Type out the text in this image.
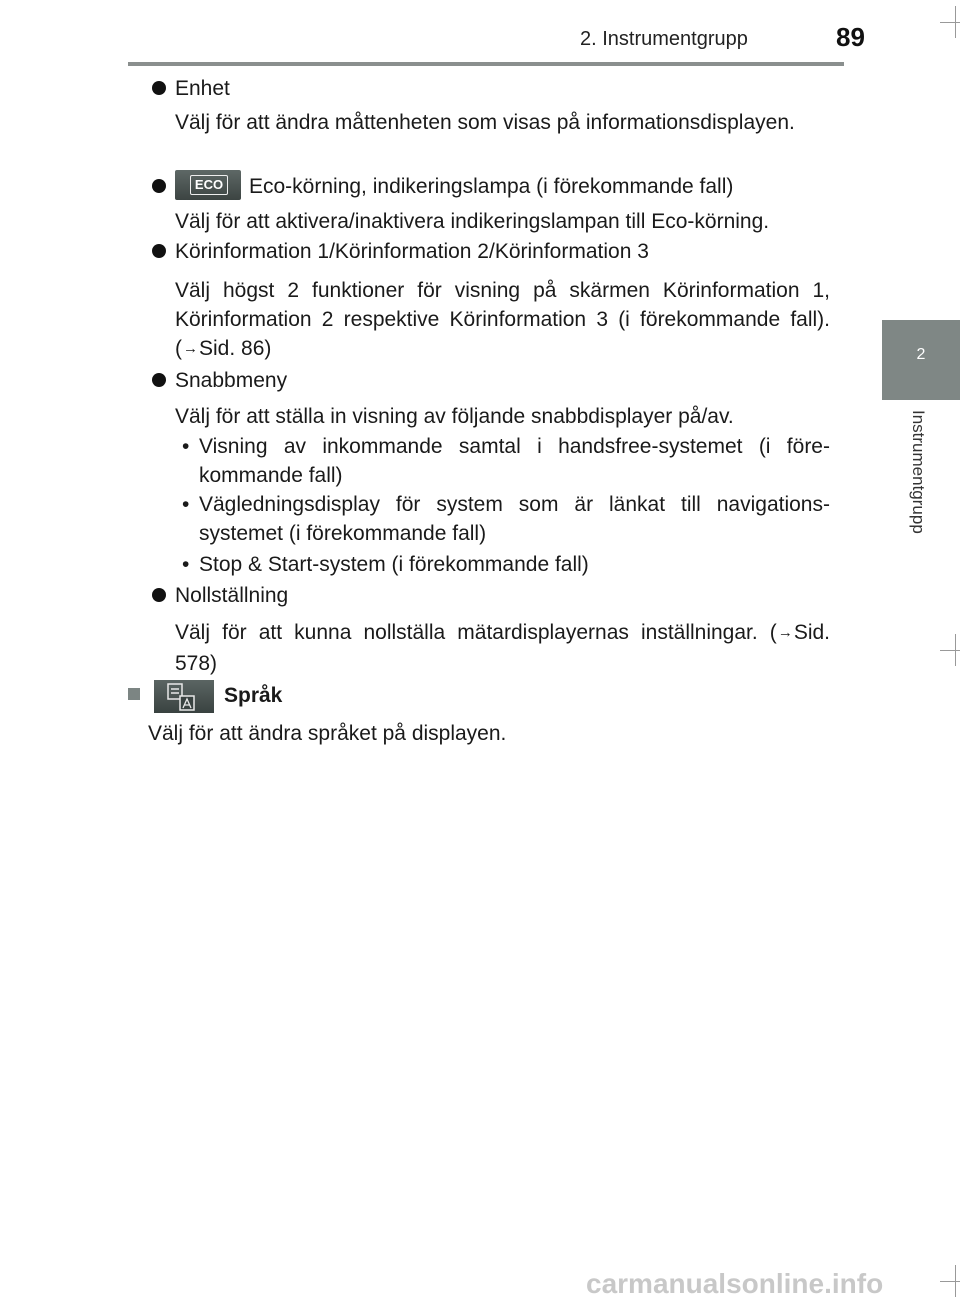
2. Instrumentgrupp	89
2
Instrumentgrupp
Enhet
Välj för att ändra måttenheten som visas på informationsdisplayen.
ECO Eco-körning, indikeringslampa (i förekommande fall)
Välj för att aktivera/inaktivera indikeringslampan till Eco-körning.
Körinformation 1/Körinformation 2/Körinformation 3
Välj högst 2 funktioner för visning på skärmen Körinformation 1, Körinformation 2 respektive Körinformation 3 (i förekommande fall). (→Sid. 86)
Snabbmeny
Välj för att ställa in visning av följande snabbdisplayer på/av.
• Visning av inkommande samtal i handsfree-systemet (i förekommande fall)
• Vägledningsdisplay för system som är länkat till navigationssystemet (i förekommande fall)
• Stop & Start-system (i förekommande fall)
Nollställning
Välj för att kunna nollställa mätardisplayernas inställningar. (→Sid. 578)
Språk
Välj för att ändra språket på displayen.
carmanualsonline.info
